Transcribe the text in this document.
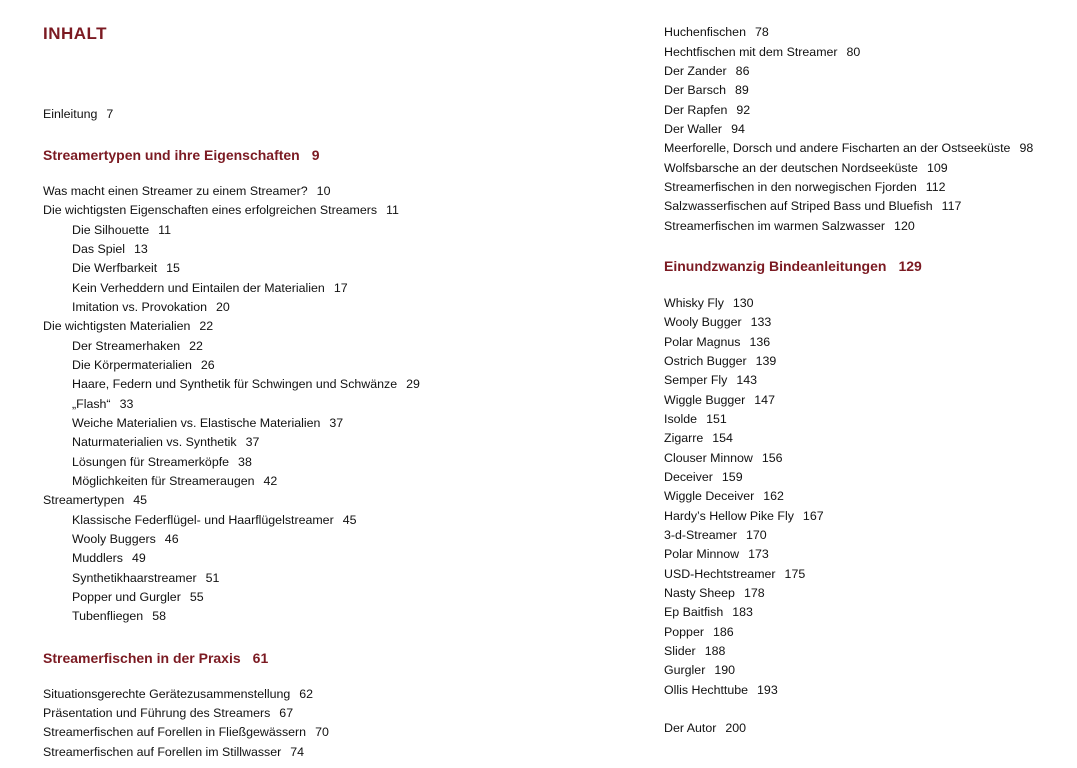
INHALT
Einleitung 7
Streamertypen und ihre Eigenschaften 9
Was macht einen Streamer zu einem Streamer? 10
Die wichtigsten Eigenschaften eines erfolgreichen Streamers 11
Die Silhouette 11
Das Spiel 13
Die Werfbarkeit 15
Kein Verheddern und Eintailen der Materialien 17
Imitation vs. Provokation 20
Die wichtigsten Materialien 22
Der Streamerhaken 22
Die Körpermaterialien 26
Haare, Federn und Synthetik für Schwingen und Schwänze 29
„Flash“ 33
Weiche Materialien vs. Elastische Materialien 37
Naturmaterialien vs. Synthetik 37
Lösungen für Streamerköpfe 38
Möglichkeiten für Streameraugen 42
Streamertypen 45
Klassische Federflügel- und Haarflügelstreamer 45
Wooly Buggers 46
Muddlers 49
Synthetikhaarstreamer 51
Popper und Gurgler 55
Tubenfliegen 58
Streamerfischen in der Praxis 61
Situationsgerechte Gerätezusammenstellung 62
Präsentation und Führung des Streamers 67
Streamerfischen auf Forellen in Fließgewässern 70
Streamerfischen auf Forellen im Stillwasser 74
Huchenfischen 78
Hechtfischen mit dem Streamer 80
Der Zander 86
Der Barsch 89
Der Rapfen 92
Der Waller 94
Meerforelle, Dorsch und andere Fischarten an der Ostseeküste 98
Wolfsbarsche an der deutschen Nordseeküste 109
Streamerfischen in den norwegischen Fjorden 112
Salzwasserfischen auf Striped Bass und Bluefish 117
Streamerfischen im warmen Salzwasser 120
Einundzwanzig Bindeanleitungen 129
Whisky Fly 130
Wooly Bugger 133
Polar Magnus 136
Ostrich Bugger 139
Semper Fly 143
Wiggle Bugger 147
Isolde 151
Zigarre 154
Clouser Minnow 156
Deceiver 159
Wiggle Deceiver 162
Hardy’s Hellow Pike Fly 167
3-d-Streamer 170
Polar Minnow 173
USD-Hechtstreamer 175
Nasty Sheep 178
Ep Baitfish 183
Popper 186
Slider 188
Gurgler 190
Ollis Hechttube 193
Der Autor 200
